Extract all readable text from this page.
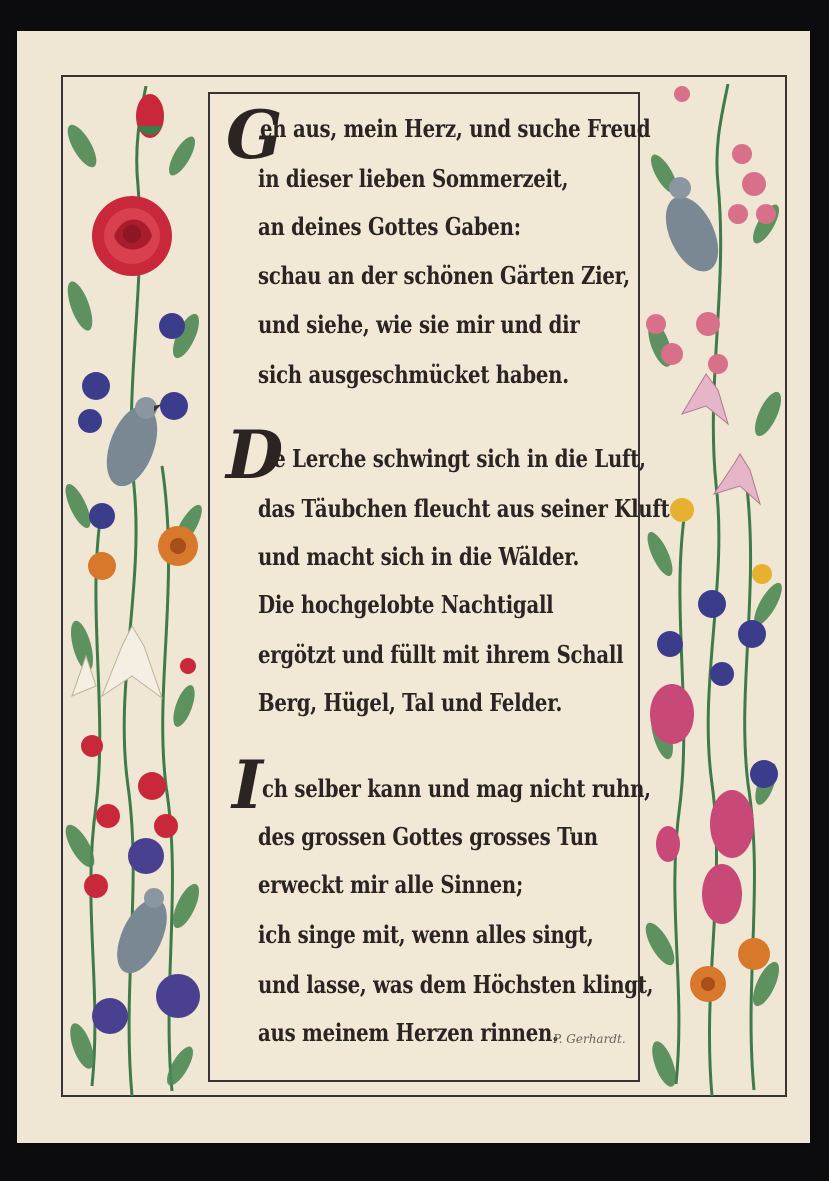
G
eh aus, mein Herz, und suche Freud
in dieser lieben Sommerzeit,
an deines Gottes Gaben:
schau an der schönen Gärten Zier,
und siehe, wie sie mir und dir
sich ausgeschmücket haben.
D
ie Lerche schwingt sich in die Luft,
das Täubchen fleucht aus seiner Kluft
und macht sich in die Wälder.
Die hochgelobte Nachtigall
ergötzt und füllt mit ihrem Schall
Berg, Hügel, Tal und Felder.
I ch selber kann und mag nicht ruhn,
des grossen Gottes grosses Tun
erweckt mir alle Sinnen;
ich singe mit, wenn alles singt,
und lasse, was dem Höchsten klingt,
aus meinem Herzen rinnen.
P. Gerhardt.
